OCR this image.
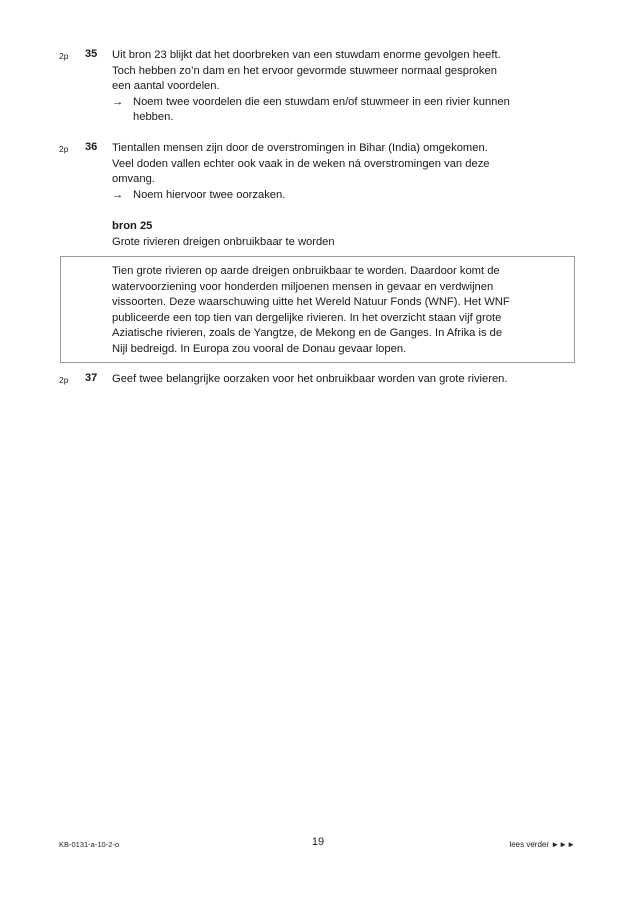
2p 35 Uit bron 23 blijkt dat het doorbreken van een stuwdam enorme gevolgen heeft.
Toch hebben zo’n dam en het ervoor gevormde stuwmeer normaal gesproken
een aantal voordelen.
→ Noem twee voordelen die een stuwdam en/of stuwmeer in een rivier kunnen
hebben.
2p 36 Tientallen mensen zijn door de overstromingen in Bihar (India) omgekomen.
Veel doden vallen echter ook vaak in de weken ná overstromingen van deze
omvang.
→ Noem hiervoor twee oorzaken.
bron 25
Grote rivieren dreigen onbruikbaar te worden
Tien grote rivieren op aarde dreigen onbruikbaar te worden. Daardoor komt de
watervoorziening voor honderden miljoenen mensen in gevaar en verdwijnen
vissoorten. Deze waarschuwing uitte het Wereld Natuur Fonds (WNF). Het WNF
publiceerde een top tien van dergelijke rivieren. In het overzicht staan vijf grote
Aziatische rivieren, zoals de Yangtze, de Mekong en de Ganges. In Afrika is de
Nijl bedreigd. In Europa zou vooral de Donau gevaar lopen.
2p 37 Geef twee belangrijke oorzaken voor het onbruikbaar worden van grote rivieren.
KB-0131-a-10-2-o	19	lees verder ►►►
